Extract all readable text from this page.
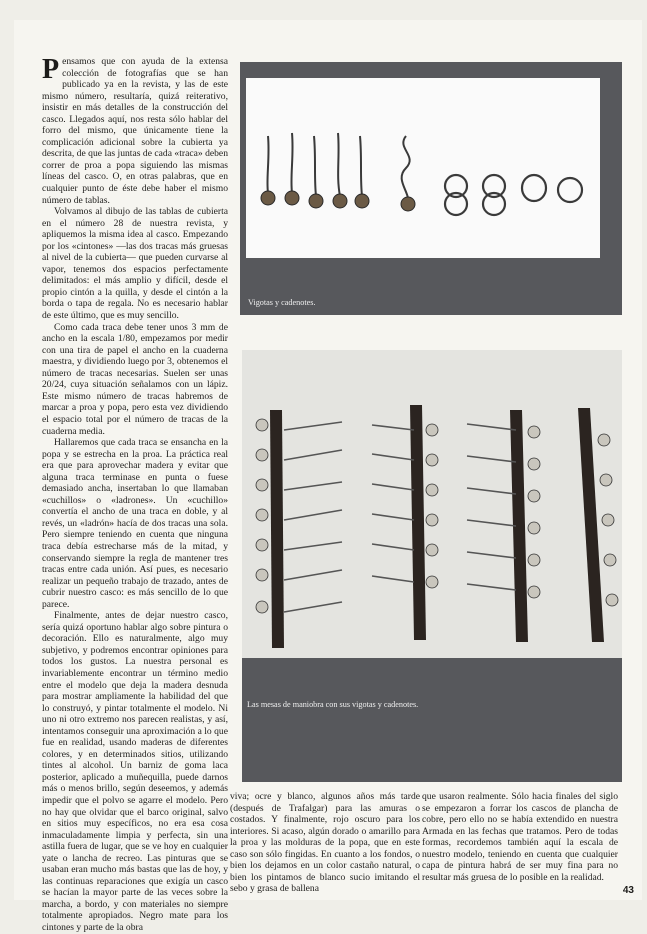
Pensamos que con ayuda de la extensa colección de fotografías que se han publicado ya en la revista, y las de este mismo número, resultaría, quizá reiterativo, insistir en más detalles de la construcción del casco. Llegados aquí, nos resta sólo hablar del forro del mismo, que únicamente tiene la complicación adicional sobre la cubierta ya descrita, de que las juntas de cada «traca» deben correr de proa a popa siguiendo las mismas líneas del casco. O, en otras palabras, que en cualquier punto de éste debe haber el mismo número de tablas.

Volvamos al dibujo de las tablas de cubierta en el número 28 de nuestra revista, y apliquemos la misma idea al casco. Empezando por los «cintones» —las dos tracas más gruesas al nivel de la cubierta— que pueden curvarse al vapor, tenemos dos espacios perfectamente delimitados: el más amplio y difícil, desde el propio cintón a la quilla, y desde el cintón a la borda o tapa de regala. No es necesario hablar de este último, que es muy sencillo.

Como cada traca debe tener unos 3 mm de ancho en la escala 1/80, empezamos por medir con una tira de papel el ancho en la cuaderna maestra, y dividiendo luego por 3, obtenemos el número de tracas necesarias. Suelen ser unas 20/24, cuya situación señalamos con un lápiz. Este mismo número de tracas habremos de marcar a proa y popa, pero esta vez dividiendo el espacio total por el número de tracas de la cuaderna media.

Hallaremos que cada traca se ensancha en la popa y se estrecha en la proa. La práctica real era que para aprovechar madera y evitar que alguna traca terminase en punta o fuese demasiado ancha, insertaban lo que llamaban «cuchillos» o «ladrones». Un «cuchillo» convertía el ancho de una traca en doble, y al revés, un «ladrón» hacía de dos tracas una sola. Pero siempre teniendo en cuenta que ninguna traca debía estrecharse más de la mitad, y conservando siempre la regla de mantener tres tracas entre cada unión. Así pues, es necesario realizar un pequeño trabajo de trazado, antes de cubrir nuestro casco: es más sencillo de lo que parece.

Finalmente, antes de dejar nuestro casco, sería quizá oportuno hablar algo sobre pintura o decoración. Ello es naturalmente, algo muy subjetivo, y podremos encontrar opiniones para todos los gustos. La nuestra personal es invariablemente encontrar un término medio entre el modelo que deja la madera desnuda para mostrar ampliamente la habilidad del que lo construyó, y pintar totalmente el modelo. Ni uno ni otro extremo nos parecen realistas, y así, intentamos conseguir una aproximación a lo que fue en realidad, usando maderas de diferentes colores, y en determinados sitios, utilizando tintes al alcohol. Un barniz de goma laca posterior, aplicado a muñequilla, puede darnos más o menos brillo, según deseemos, y además impedir que el polvo se agarre el modelo. Pero no hay que olvidar que el barco original, salvo en sitios muy específicos, no era esa cosa inmaculadamente limpia y perfecta, sin una astilla fuera de lugar, que se ve hoy en cualquier yate o lancha de recreo. Las pinturas que se usaban eran mucho más bastas que las de hoy, y las continuas reparaciones que exigía un casco se hacían la mayor parte de las veces sobre la marcha, a bordo, y con materiales no siempre totalmente apropiados. Negro mate para los cintones y parte de la obra

Vigotas y cadenotes.
Las mesas de maniobra con sus vigotas y cadenotes.

viva; ocre y blanco, algunos años más tarde (después de Trafalgar) para las amuras o costados. Y finalmente, rojo oscuro para los interiores. Si acaso, algún dorado o amarillo para la proa y las molduras de la popa, que en este caso son sólo fingidas. En cuanto a los fondos, o bien los dejamos en un color castaño natural, o bien los pintamos de blanco sucio imitando el sebo y grasa de ballena

que usaron realmente. Sólo hacia finales del siglo se empezaron a forrar los cascos de plancha de cobre, pero ello no se había extendido en nuestra Armada en las fechas que tratamos. Pero de todas formas, recordemos también aquí la escala de nuestro modelo, teniendo en cuenta que cualquier capa de pintura habrá de ser muy fina para no resultar más gruesa de lo posible en la realidad.

43
